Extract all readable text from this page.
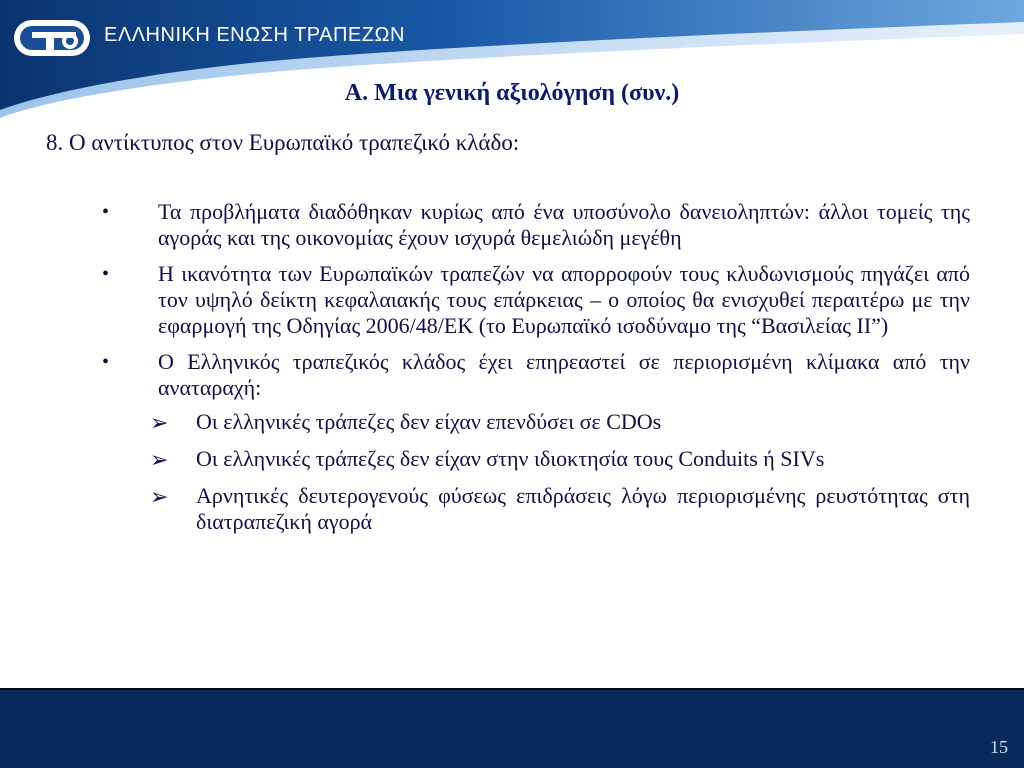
ΕΛΛΗΝΙΚΗ ΕΝΩΣΗ ΤΡΑΠΕΖΩΝ
Α. Μια γενική αξιολόγηση (συν.)
8. Ο αντίκτυπος στον Ευρωπαϊκό τραπεζικό κλάδο:
•	Τα προβλήματα διαδόθηκαν κυρίως από ένα υποσύνολο δανειοληπτών: άλλοι τομείς της αγοράς και της οικονομίας έχουν ισχυρά θεμελιώδη μεγέθη
•	Η ικανότητα των Ευρωπαϊκών τραπεζών να απορροφούν τους κλυδωνισμούς πηγάζει από τον υψηλό δείκτη κεφαλαιακής τους επάρκειας – ο οποίος θα ενισχυθεί περαιτέρω με την εφαρμογή της Οδηγίας 2006/48/ΕΚ (το Ευρωπαϊκό ισοδύναμο της “Βασιλείας ΙΙ”)
•	Ο Ελληνικός τραπεζικός κλάδος έχει επηρεαστεί σε περιορισμένη κλίμακα από την αναταραχή:
➢	Οι ελληνικές τράπεζες δεν είχαν επενδύσει σε CDOs
➢	Οι ελληνικές τράπεζες δεν είχαν στην ιδιοκτησία τους Conduits ή SIVs
➢	Αρνητικές δευτερογενούς φύσεως επιδράσεις λόγω περιορισμένης ρευστότητας στη διατραπεζική αγορά
15
